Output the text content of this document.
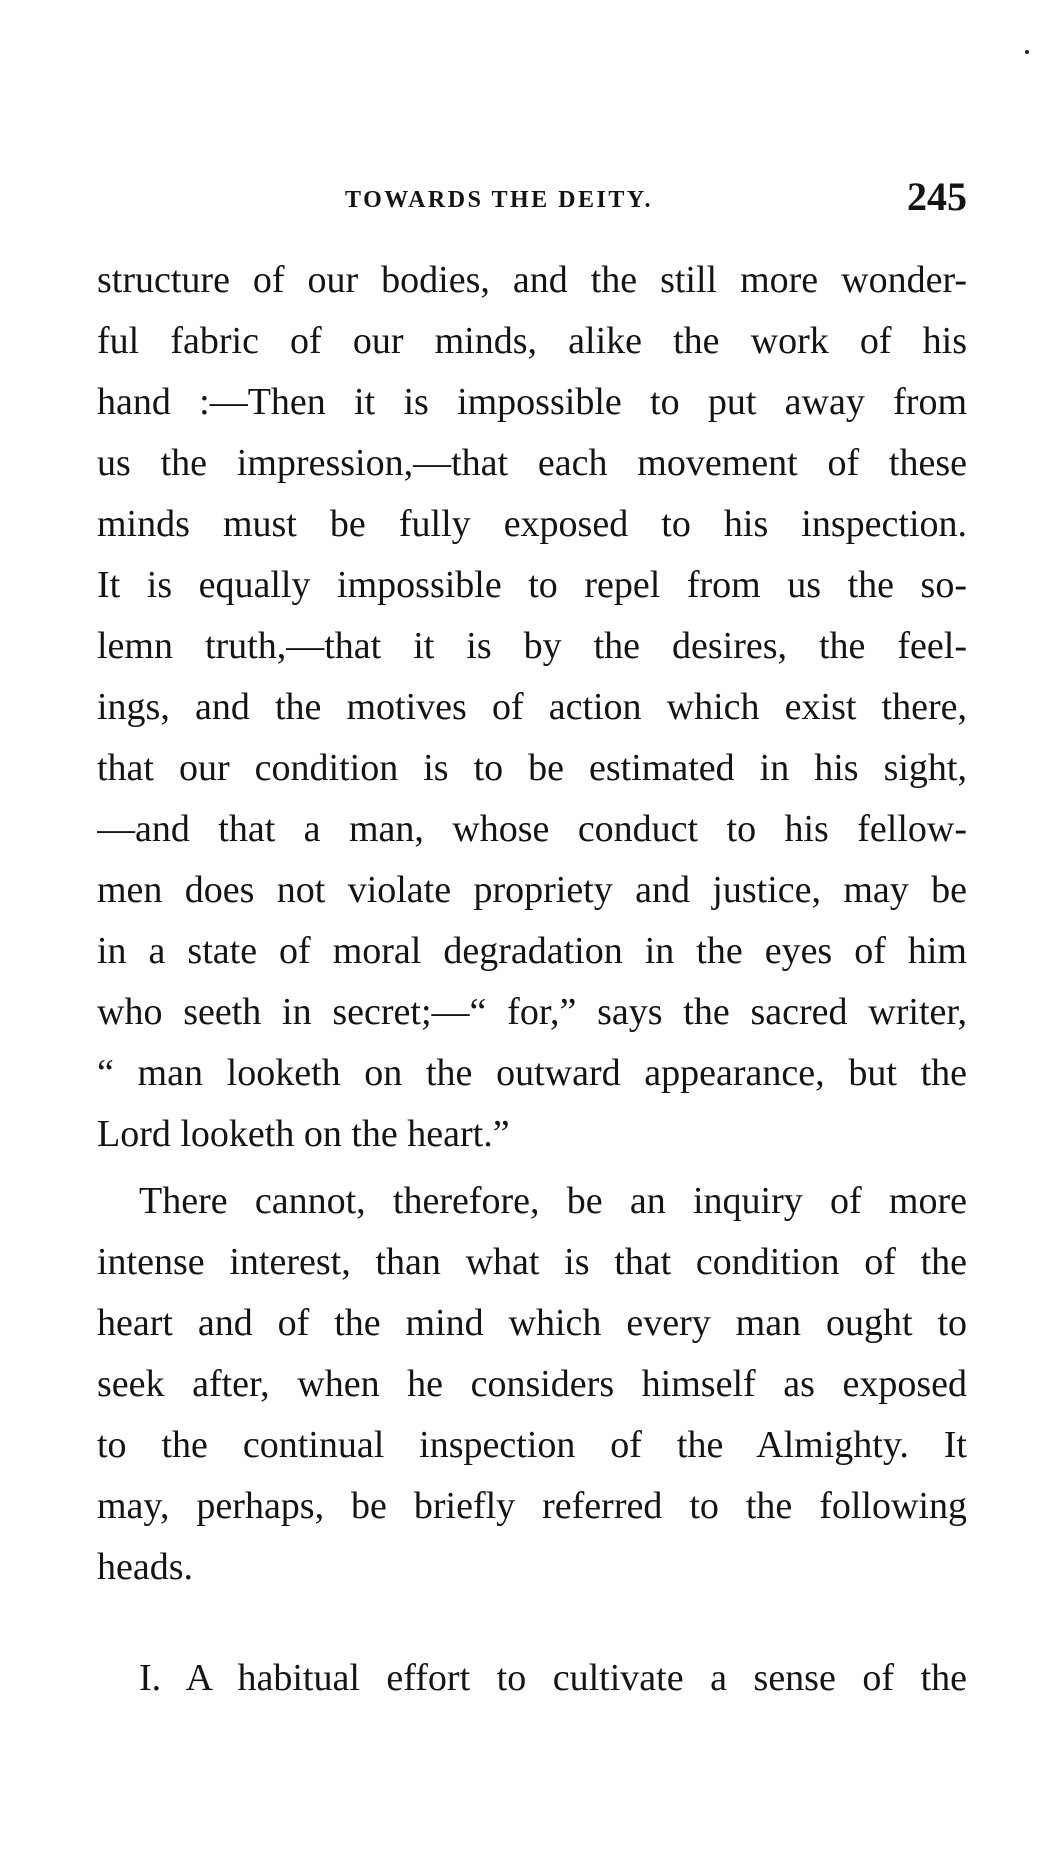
TOWARDS THE DEITY.	245
structure of our bodies, and the still more wonder-
ful fabric of our minds, alike the work of his
hand :—Then it is impossible to put away from
us the impression,—that each movement of these
minds must be fully exposed to his inspection.
It is equally impossible to repel from us the so-
lemn truth,—that it is by the desires, the feel-
ings, and the motives of action which exist there,
that our condition is to be estimated in his sight,
—and that a man, whose conduct to his fellow-
men does not violate propriety and justice, may be
in a state of moral degradation in the eyes of him
who seeth in secret;—“ for,” says the sacred writer,
“ man looketh on the outward appearance, but the
Lord looketh on the heart.”
There cannot, therefore, be an inquiry of more
intense interest, than what is that condition of the
heart and of the mind which every man ought to
seek after, when he considers himself as exposed
to the continual inspection of the Almighty. It
may, perhaps, be briefly referred to the following
heads.
I. A habitual effort to cultivate a sense of the
